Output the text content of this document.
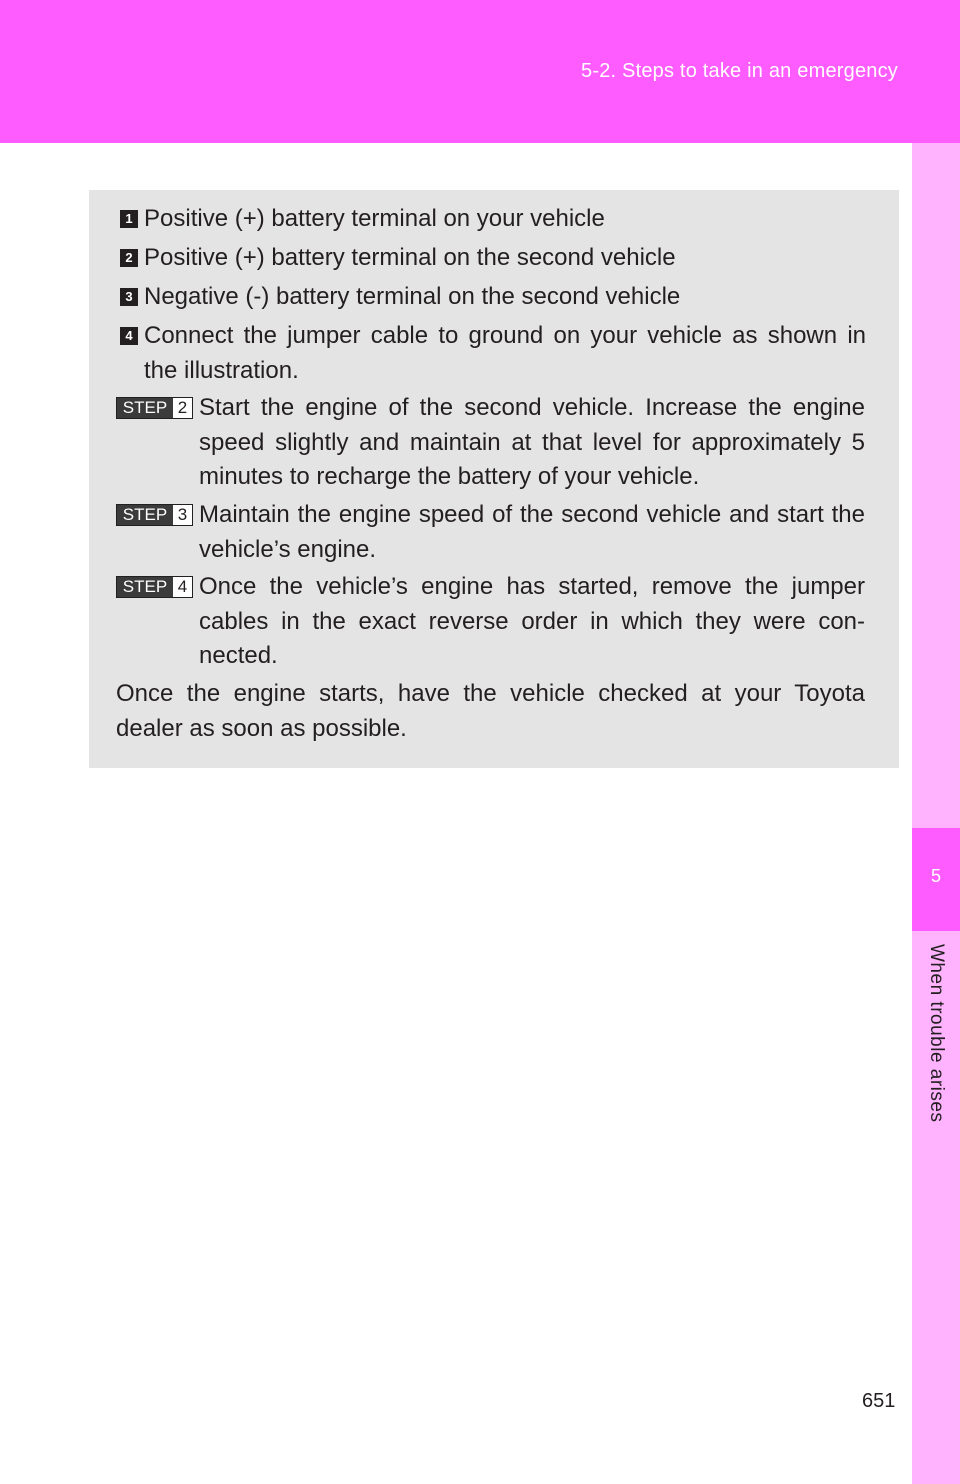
5-2. Steps to take in an emergency
5
When trouble arises
1 Positive (+) battery terminal on your vehicle
2 Positive (+) battery terminal on the second vehicle
3 Negative (-) battery terminal on the second vehicle
4 Connect the jumper cable to ground on your vehicle as shown in the illustration.
STEP 2 Start the engine of the second vehicle. Increase the engine speed slightly and maintain at that level for approximately 5 minutes to recharge the battery of your vehicle.
STEP 3 Maintain the engine speed of the second vehicle and start the vehicle’s engine.
STEP 4 Once the vehicle’s engine has started, remove the jumper cables in the exact reverse order in which they were con-nected.
Once the engine starts, have the vehicle checked at your Toyota dealer as soon as possible.
651
